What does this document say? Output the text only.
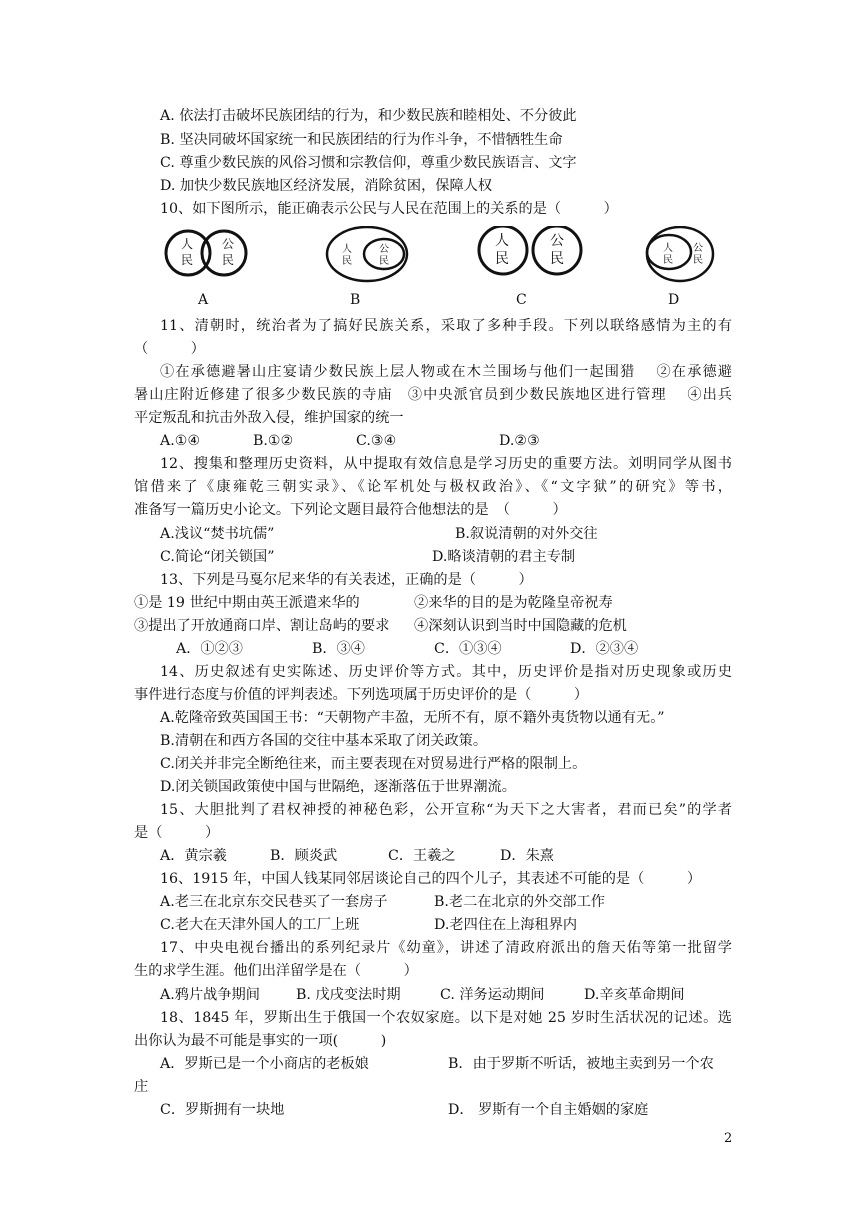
A. 依法打击破坏民族团结的行为，和少数民族和睦相处、不分彼此
B. 坚决同破坏国家统一和民族团结的行为作斗争，不惜牺牲生命
C. 尊重少数民族的风俗习惯和宗教信仰，尊重少数民族语言、文字
D. 加快少数民族地区经济发展，消除贫困，保障人权
10、如下图所示，能正确表示公民与人民在范围上的关系的是（　　　）
人
民
公
民
人
民
公
民
人
民
公
民
人
民
公
民
A	B	C	D
11、清朝时，统治者为了搞好民族关系，采取了多种手段。下列以联络感情为主的有
（　　　）
①在承德避暑山庄宴请少数民族上层人物或在木兰围场与他们一起围猎　 ②在承德避
暑山庄附近修建了很多少数民族的寺庙　③中央派官员到少数民族地区进行管理　 ④出兵
平定叛乱和抗击外敌入侵，维护国家的统一
A.①④	B.①②	C.③④	D.②③
12、搜集和整理历史资料，从中提取有效信息是学习历史的重要方法。刘明同学从图书
馆借来了《康雍乾三朝实录》、《论军机处与极权政治》、《“文字狱”的研究》等书，
准备写一篇历史小论文。下列论文题目最符合他想法的是　（　　　）
A.浅议“焚书坑儒”	B.叙说清朝的对外交往
C.简论“闭关锁国”	D.略谈清朝的君主专制
13、下列是马戛尔尼来华的有关表述，正确的是（　　　）
①是 19 世纪中期由英王派遣来华的	②来华的目的是为乾隆皇帝祝寿
③提出了开放通商口岸、割让岛屿的要求 ④深刻认识到当时中国隐藏的危机
A．①②③	B．③④	C．①③④	D．②③④
14、历史叙述有史实陈述、历史评价等方式。其中，历史评价是指对历史现象或历史
事件进行态度与价值的评判表述。下列选项属于历史评价的是（　　　）
A.乾隆帝致英国国王书：“天朝物产丰盈，无所不有，原不籍外夷货物以通有无。”
B.清朝在和西方各国的交往中基本采取了闭关政策。
C.闭关并非完全断绝往来，而主要表现在对贸易进行严格的限制上。
D.闭关锁国政策使中国与世隔绝，逐渐落伍于世界潮流。
15、大胆批判了君权神授的神秘色彩，公开宣称“为天下之大害者，君而已矣”的学者
是（　　　）
A．黄宗羲	B．顾炎武	C．王羲之	D．朱熹
16、1915 年，中国人钱某同邻居谈论自己的四个儿子，其表述不可能的是（　　　）
A.老三在北京东交民巷买了一套房子	B.老二在北京的外交部工作
C.老大在天津外国人的工厂上班	D.老四住在上海租界内
17、中央电视台播出的系列纪录片《幼童》，讲述了清政府派出的詹天佑等第一批留学
生的求学生涯。他们出洋留学是在（　　　）
A.鸦片战争期间	B. 戊戌变法时期	C. 洋务运动期间	D.辛亥革命期间
18、1845 年，罗斯出生于俄国一个农奴家庭。以下是对她 25 岁时生活状况的记述。选
出你认为最不可能是事实的一项(　　　)
A．罗斯已是一个小商店的老板娘	B．由于罗斯不听话，被地主卖到另一个农
庄
C．罗斯拥有一块地	D． 罗斯有一个自主婚姻的家庭
2
